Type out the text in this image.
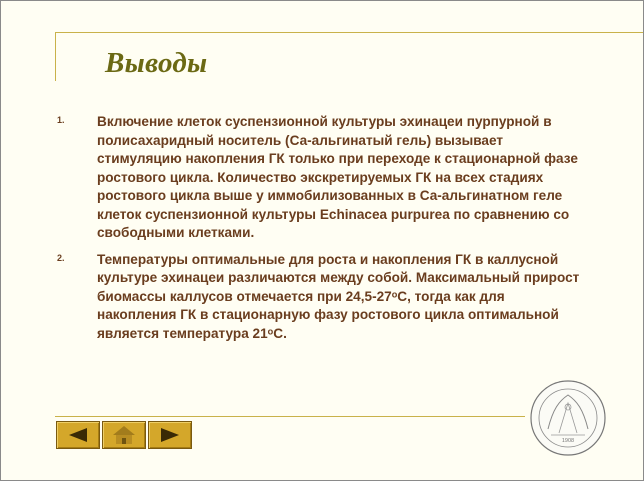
Выводы
1. Включение клеток суспензионной культуры эхинацеи пурпурной в полисахаридный носитель (Са-альгинатый гель) вызывает стимуляцию накопления ГК только при переходе к стационарной фазе ростового цикла. Количество экскретируемых ГК на всех стадиях ростового цикла выше у иммобилизованных в Са-альгинатном геле клеток суспензионной культуры Echinacea purpurea по сравнению со свободными клетками.
2. Температуры оптимальные для роста и накопления ГК в каллусной культуре эхинацеи различаются между собой. Максимальный прирост биомассы каллусов отмечается при 24,5-27ᵒС, тогда как для накопления ГК в стационарную фазу ростового цикла оптимальной является температура 21ᵒС.
1908
